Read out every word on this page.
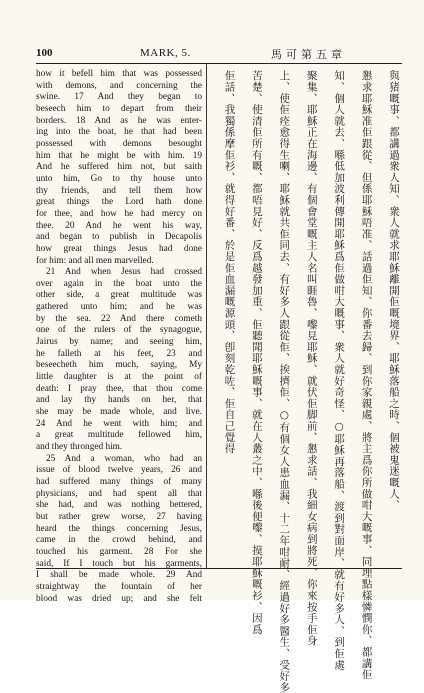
100	MARK, 5.	馬可第五章
how it befell him that was possessed
with demons, and concerning the
swine. 17 And they began to
beseech him to depart from their
borders. 18 And as he was enter-
ing into the boat, he that had been
possessed with demons besought
him that he might be with him. 19
And he suffered him not, but saith
unto him, Go to thy house unto
thy friends, and tell them how
great things the Lord hath done
for thee, and how he had mercy on
thee. 20 And he went his way,
and began to publish in Decapolis
how great things Jesus had done
for him: and all men marvelled.
21 And when Jesus had crossed
over again in the boat unto the
other side, a great multitude was
gathered unto him; and he was
by the sea. 22 And there cometh
one of the rulers of the synagogue,
Jairus by name; and seeing him,
he falleth at his feet, 23 and
beseecheth him much, saying, My
little daughter is at the point of
death: I pray thee, that thou come
and lay thy hands on her, that
she may be made whole, and live.
24 And he went with him; and
a great multitude fellowed him,
and they thronged him.
25 And a woman, who had an
issue of blood twelve years, 26 and
had suffered many things of many
physicians, and had spent all that
she had, and was nothing bettered,
but rather grew worse, 27 having
heard the things concerning Jesus,
came in the crowd behind, and
touched his garment. 28 For she
said, If I touch but his garments,
I shall be made whole. 29 And
straightway the fountain of her
blood was dried up; and she felt
與猪嘅事、都講過衆人知、衆人就求耶穌離開佢嘅境界、耶穌落船之時、個被鬼迷嘅人、
懇求耶穌准佢跟從、但係耶穌唔准、話過佢知、你番去歸、到你家親處、將主爲你所做咁大嘅事、同埋點樣憐憫你、都講佢
知、個人就去、喺低加波利傳開耶穌爲佢做咁大嘅事、衆人就好奇怪、○耶穌再落船、渡到對面岸、就有好多人、到佢處
聚集、耶穌正在海邊、有個會堂嘅主人名叫睚魯、嚟見耶穌、就伏佢脚前、懇求話、我細女病到將死、你來按手佢身
上、使佢痊愈得生喇、耶穌就共佢同去、有好多人跟從佢、挨擠佢、○有個女人患血漏、十二年咁耐、經過好多醫生、受好多
苦楚、使清佢所有嘅、都唔見好、反爲越發加重、佢聽聞耶穌嘅事、就在人叢之中、喺後便嚟、摸耶穌嘅衫、因爲
佢話、我獨係摩佢衫、就得好番、於是佢血漏嘅源頭、卽刻乾咗、佢自己覺得
